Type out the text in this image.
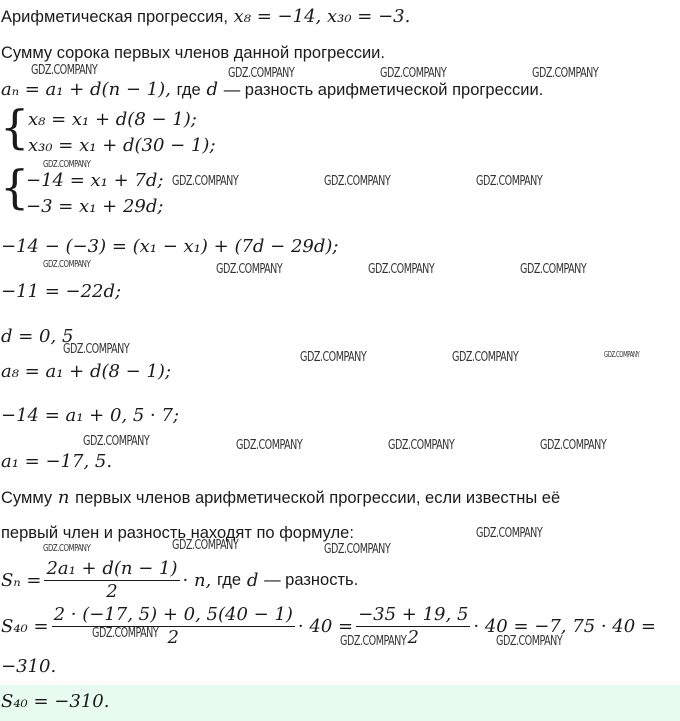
Арифметическая прогрессия, x₈ = −14, x₃₀ = −3.
Сумму сорока первых членов данной прогрессии.
aₙ = a₁ + d(n − 1), где d — разность арифметической прогрессии.
{
x₈ = x₁ + d(8 − 1);
x₃₀ = x₁ + d(30 − 1);
{
−14 = x₁ + 7d;
−3 = x₁ + 29d;
−14 − (−3) = (x₁ − x₁) + (7d − 29d);
−11 = −22d;
d = 0, 5
a₈ = a₁ + d(8 − 1);
−14 = a₁ + 0, 5 · 7;
a₁ = −17, 5.
Сумму n первых членов арифметической прогрессии, если известны её
первый член и разность находят по формуле:
$S_n = \frac{\text{2a₁ + d(n − 1)}}{2} \cdot n$, где d — разность.
$S_{40} = \frac{2 \cdot (-17, 5) + 0, 5(40 - 1)}{2} \cdot 40 = \frac{-35 + 19, 5}{2} \cdot 40 = -7$, 75 · 40 =
−310.
S₄₀ = −310.
GDZ.COMPANY	GDZ.COMPANY	GDZ.COMPANY	GDZ.COMPANY
GDZ.COMPANY
GDZ.COMPANY	GDZ.COMPANY	GDZ.COMPANY
GDZ.COMPANY	GDZ.COMPANY	GDZ.COMPANY	GDZ.COMPANY
GDZ.COMPANY
GDZ.COMPANY	GDZ.COMPANY	GDZ.COMPANY
GDZ.COMPANY	GDZ.COMPANY	GDZ.COMPANY	GDZ.COMPANY
GDZ.COMPANY
GDZ.COMPANY	GDZ.COMPANY	GDZ.COMPANY
GDZ.COMPANY
GDZ.COMPANY	GDZ.COMPANY
